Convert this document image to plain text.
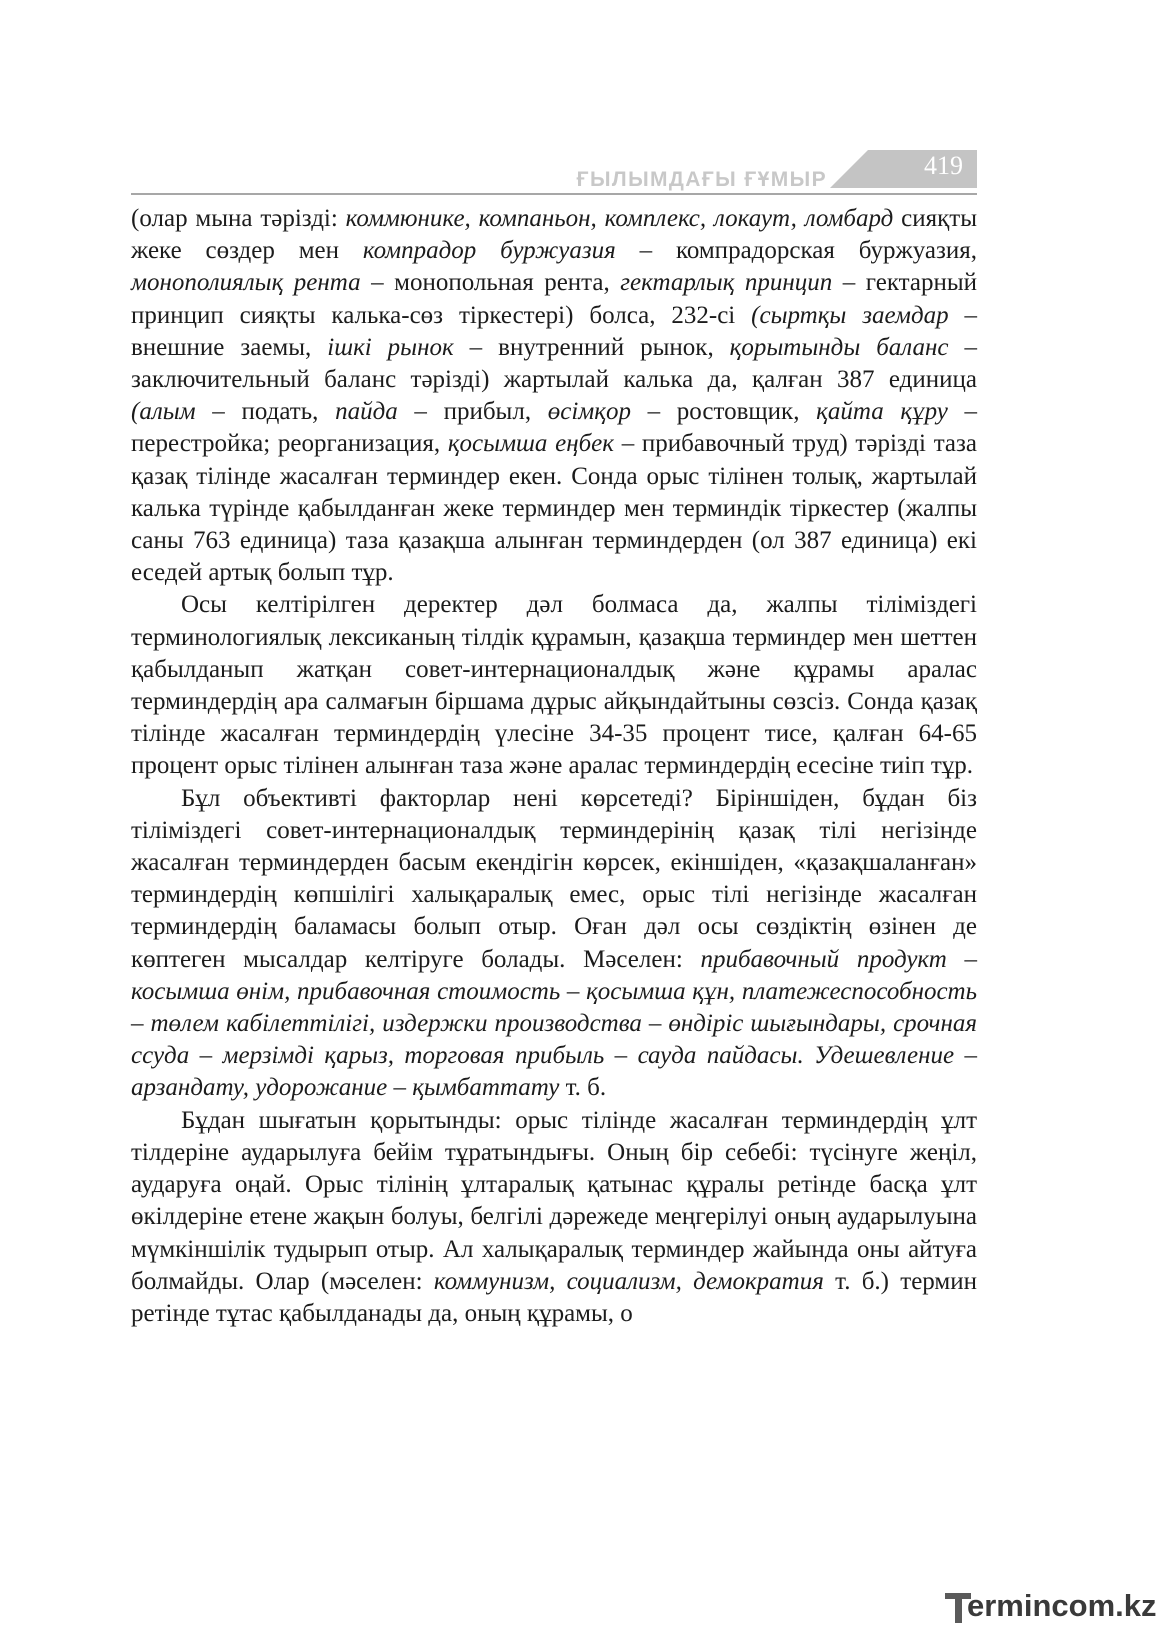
ҒЫЛЫМДАҒЫ ҒҰМЫР	419

(олар мына тәрізді: коммюнике, компаньон, комплекс, локаут, ломбард сияқты жеке сөздер мен компрадор буржуазия – компрадорская буржуазия, монополиялық рента – монопольная рента, гектарлық принцип – гектарный принцип сияқты калька-сөз тіркестері) болса, 232-сі (сыртқы заемдар – внешние заемы, ішкі рынок – внутренний рынок, қорытынды баланс – заключительный баланс тәрізді) жартылай калька да, қалған 387 единица (алым – подать, пайда – прибыл, өсімқор – ростовщик, қайта құру – перестройка; реорганизация, қосымша еңбек – прибавочный труд) тәрізді таза қазақ тілінде жасалған терминдер екен. Сонда орыс тілінен толық, жартылай калька түрінде қабылданған жеке терминдер мен терминдік тіркестер (жалпы саны 763 единица) таза қазақша алынған терминдерден (ол 387 единица) екі еседей артық болып тұр.

Осы келтірілген деректер дәл болмаса да, жалпы тіліміздегі терминологиялық лексиканың тілдік құрамын, қазақша терминдер мен шеттен қабылданып жатқан совет-интернационалдық және құрамы аралас терминдердің ара салмағын біршама дұрыс айқындайтыны сөзсіз. Сонда қазақ тілінде жасалған терминдердің үлесіне 34-35 процент тисе, қалған 64-65 процент орыс тілінен алынған таза және аралас терминдердің есесіне тиіп тұр.

Бұл объективті факторлар нені көрсетеді? Біріншіден, бұдан біз тіліміздегі совет-интернационалдық терминдерінің қазақ тілі негізінде жасалған терминдерден басым екендігін көрсек, екіншіден, «қазақшаланған» терминдердің көпшілігі халықаралық емес, орыс тілі негізінде жасалған терминдердің баламасы болып отыр. Оған дәл осы сөздіктің өзінен де көптеген мысалдар келтіруге болады. Мәселен: прибавочный продукт – косымша өнім, прибавочная стоимость – қосымша құн, платежеспособность – төлем кабілеттілігі, издержки производства – өндіріс шығындары, срочная ссуда – мерзімді қарыз, торговая прибыль – сауда пайдасы. Удешевление – арзандату, удорожание – қымбаттату т. б.

Бұдан шығатын қорытынды: орыс тілінде жасалған терминдердің ұлт тілдеріне аударылуға бейім тұратындығы. Оның бір себебі: түсінуге жеңіл, аударуға оңай. Орыс тілінің ұлтаралық қатынас құралы ретінде басқа ұлт өкілдеріне етене жақын болуы, белгілі дәрежеде меңгерілуі оның аударылуына мүмкіншілік тудырып отыр. Ал халықаралық терминдер жайында оны айтуға болмайды. Олар (мәселен: коммунизм, социализм, демократия т. б.) термин ретінде тұтас қабылданады да, оның құрамы, о

ermincom.kz
